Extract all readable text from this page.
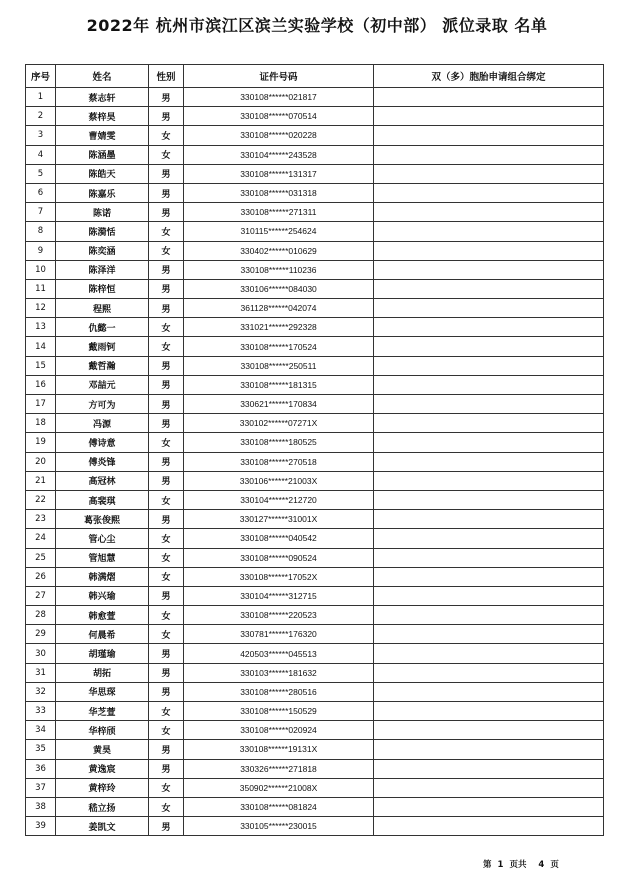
2022年 杭州市滨江区滨兰实验学校（初中部） 派位录取 名单
序号	姓名	性别	证件号码	双（多）胞胎申请组合绑定
1	蔡志轩	男	330108******021817	
2	蔡梓昊	男	330108******070514	
3	曹婧雯	女	330108******020228	
4	陈涵墨	女	330104******243528	
5	陈皓天	男	330108******131317	
6	陈嘉乐	男	330108******031318	
7	陈诺	男	330108******271311	
8	陈漪恬	女	310115******254624	
9	陈奕涵	女	330402******010629	
10	陈泽洋	男	330108******110236	
11	陈梓恒	男	330106******084030	
12	程熙	男	361128******042074	
13	仇懿一	女	331021******292328	
14	戴雨钶	女	330108******170524	
15	戴哲瀚	男	330108******250511	
16	邓喆元	男	330108******181315	
17	方可为	男	330621******170834	
18	冯源	男	330102******07271X	
19	傅诗意	女	330108******180525	
20	傅炎锋	男	330108******270518	
21	高冠林	男	330106******21003X	
22	高裴琪	女	330104******212720	
23	葛张俊熙	男	330127******31001X	
24	管心尘	女	330108******040542	
25	管旭慧	女	330108******090524	
26	韩满熠	女	330108******17052X	
27	韩兴瑜	男	330104******312715	
28	韩愈萱	女	330108******220523	
29	何晨希	女	330781******176320	
30	胡瑾瑜	男	420503******045513	
31	胡拓	男	330103******181632	
32	华思琛	男	330108******280516	
33	华芝萱	女	330108******150529	
34	华梓颀	女	330108******020924	
35	黄昊	男	330108******19131X	
36	黄逸宸	男	330326******271818	
37	黄梓玲	女	350902******21008X	
38	嵇立扬	女	330108******081824	
39	姜凯文	男	330105******230015	
第 1 页共 4 页
